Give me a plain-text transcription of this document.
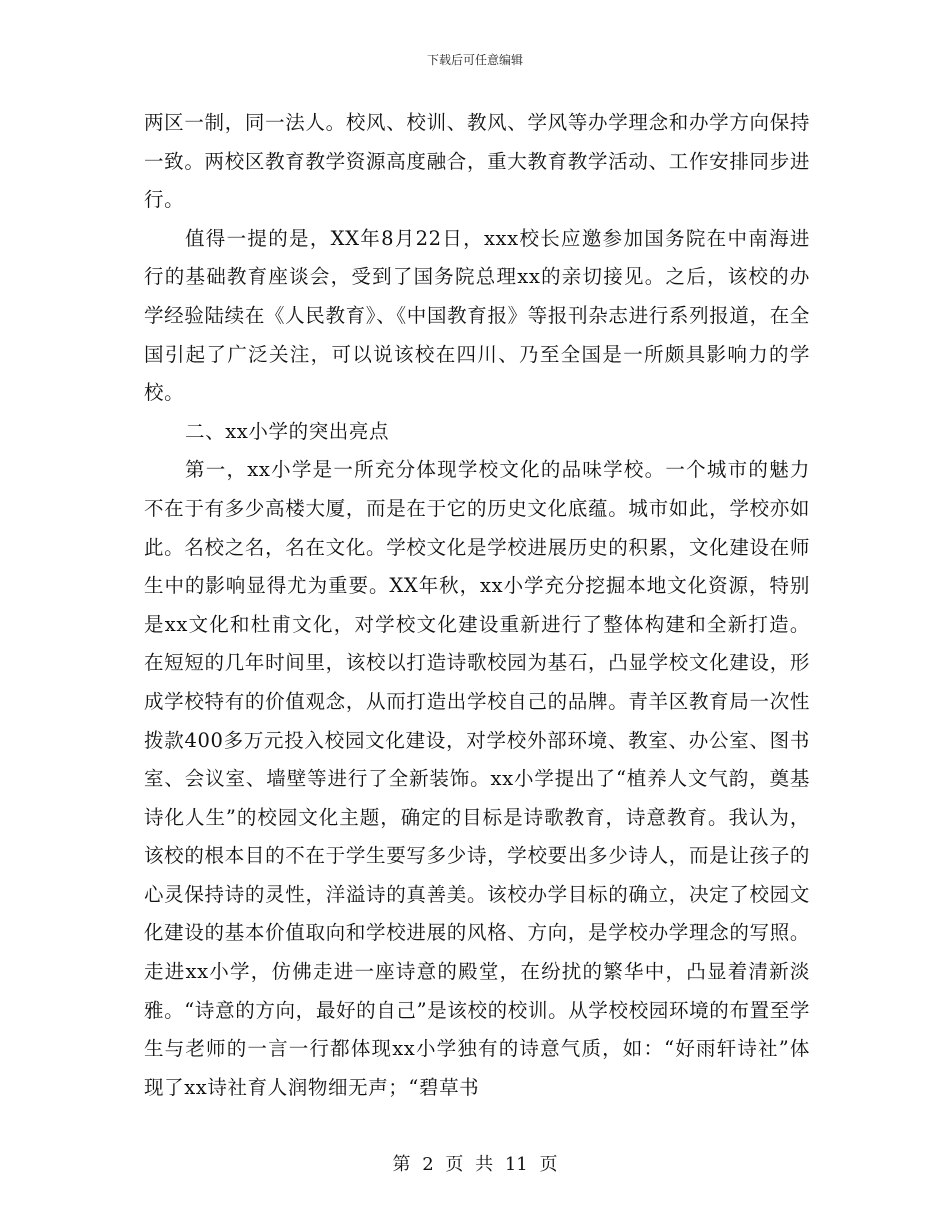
下载后可任意编辑

两区一制，同一法人。校风、校训、教风、学风等办学理念和办学方向保持一致。两校区教育教学资源高度融合，重大教育教学活动、工作安排同步进行。

值得一提的是，XX年8月22日，xxx校长应邀参加国务院在中南海进行的基础教育座谈会，受到了国务院总理xx的亲切接见。之后，该校的办学经验陆续在《人民教育》、《中国教育报》等报刊杂志进行系列报道，在全国引起了广泛关注，可以说该校在四川、乃至全国是一所颇具影响力的学校。

二、xx小学的突出亮点

第一，xx小学是一所充分体现学校文化的品味学校。一个城市的魅力不在于有多少高楼大厦，而是在于它的历史文化底蕴。城市如此，学校亦如此。名校之名，名在文化。学校文化是学校进展历史的积累，文化建设在师生中的影响显得尤为重要。XX年秋，xx小学充分挖掘本地文化资源，特别是xx文化和杜甫文化，对学校文化建设重新进行了整体构建和全新打造。在短短的几年时间里，该校以打造诗歌校园为基石，凸显学校文化建设，形成学校特有的价值观念，从而打造出学校自己的品牌。青羊区教育局一次性拨款400多万元投入校园文化建设，对学校外部环境、教室、办公室、图书室、会议室、墙壁等进行了全新装饰。xx小学提出了“植养人文气韵，奠基诗化人生”的校园文化主题，确定的目标是诗歌教育，诗意教育。我认为，该校的根本目的不在于学生要写多少诗，学校要出多少诗人，而是让孩子的心灵保持诗的灵性，洋溢诗的真善美。该校办学目标的确立，决定了校园文化建设的基本价值取向和学校进展的风格、方向，是学校办学理念的写照。走进xx小学，仿佛走进一座诗意的殿堂，在纷扰的繁华中，凸显着清新淡雅。“诗意的方向，最好的自己”是该校的校训。从学校校园环境的布置至学生与老师的一言一行都体现xx小学独有的诗意气质，如：“好雨轩诗社”体现了xx诗社育人润物细无声；“碧草书

第 2 页 共 11 页
